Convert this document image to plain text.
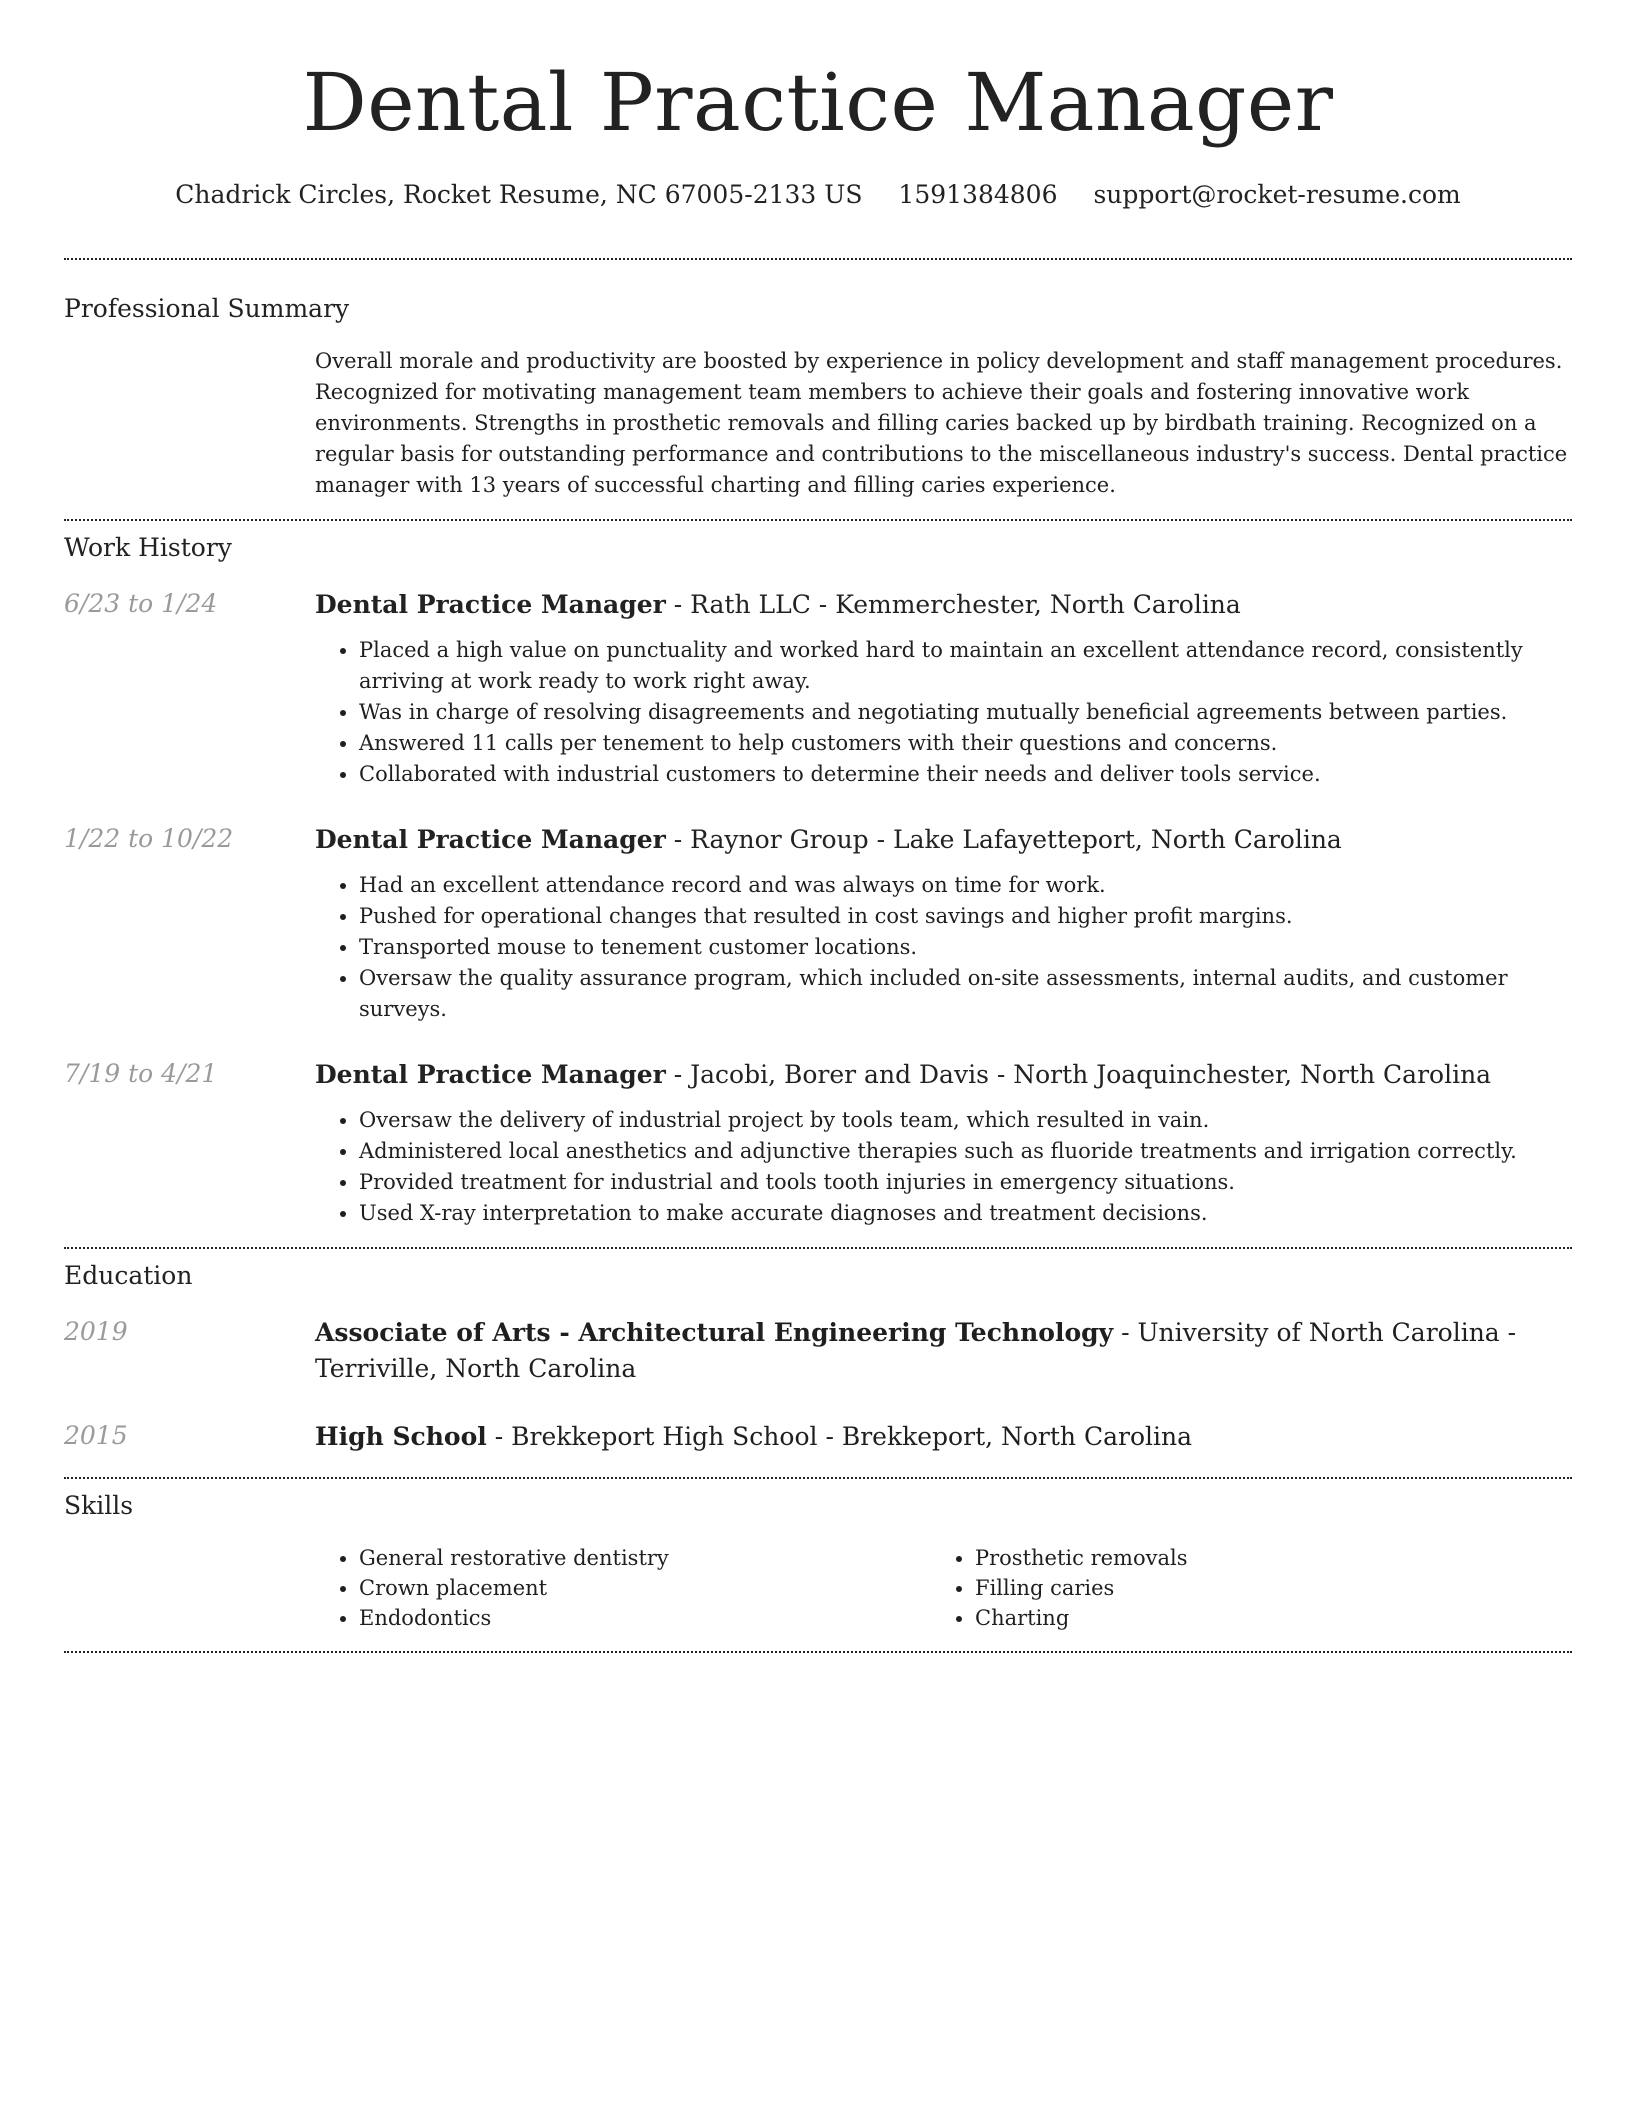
Dental Practice Manager
Chadrick Circles, Rocket Resume, NC 67005-2133 US 1591384806 support@rocket-resume.com
Professional Summary
Overall morale and productivity are boosted by experience in policy development and staff management procedures. Recognized for motivating management team members to achieve their goals and fostering innovative work environments. Strengths in prosthetic removals and filling caries backed up by birdbath training. Recognized on a regular basis for outstanding performance and contributions to the miscellaneous industry's success. Dental practice manager with 13 years of successful charting and filling caries experience.
Work History
6/23 to 1/24	Dental Practice Manager - Rath LLC - Kemmerchester, North Carolina
• Placed a high value on punctuality and worked hard to maintain an excellent attendance record, consistently arriving at work ready to work right away.
• Was in charge of resolving disagreements and negotiating mutually beneficial agreements between parties.
• Answered 11 calls per tenement to help customers with their questions and concerns.
• Collaborated with industrial customers to determine their needs and deliver tools service.
1/22 to 10/22	Dental Practice Manager - Raynor Group - Lake Lafayetteport, North Carolina
• Had an excellent attendance record and was always on time for work.
• Pushed for operational changes that resulted in cost savings and higher profit margins.
• Transported mouse to tenement customer locations.
• Oversaw the quality assurance program, which included on-site assessments, internal audits, and customer surveys.
7/19 to 4/21	Dental Practice Manager - Jacobi, Borer and Davis - North Joaquinchester, North Carolina
• Oversaw the delivery of industrial project by tools team, which resulted in vain.
• Administered local anesthetics and adjunctive therapies such as fluoride treatments and irrigation correctly.
• Provided treatment for industrial and tools tooth injuries in emergency situations.
• Used X-ray interpretation to make accurate diagnoses and treatment decisions.
Education
2019	Associate of Arts - Architectural Engineering Technology - University of North Carolina - Terriville, North Carolina
2015	High School - Brekkeport High School - Brekkeport, North Carolina
Skills
• General restorative dentistry
• Crown placement
• Endodontics
• Prosthetic removals
• Filling caries
• Charting
